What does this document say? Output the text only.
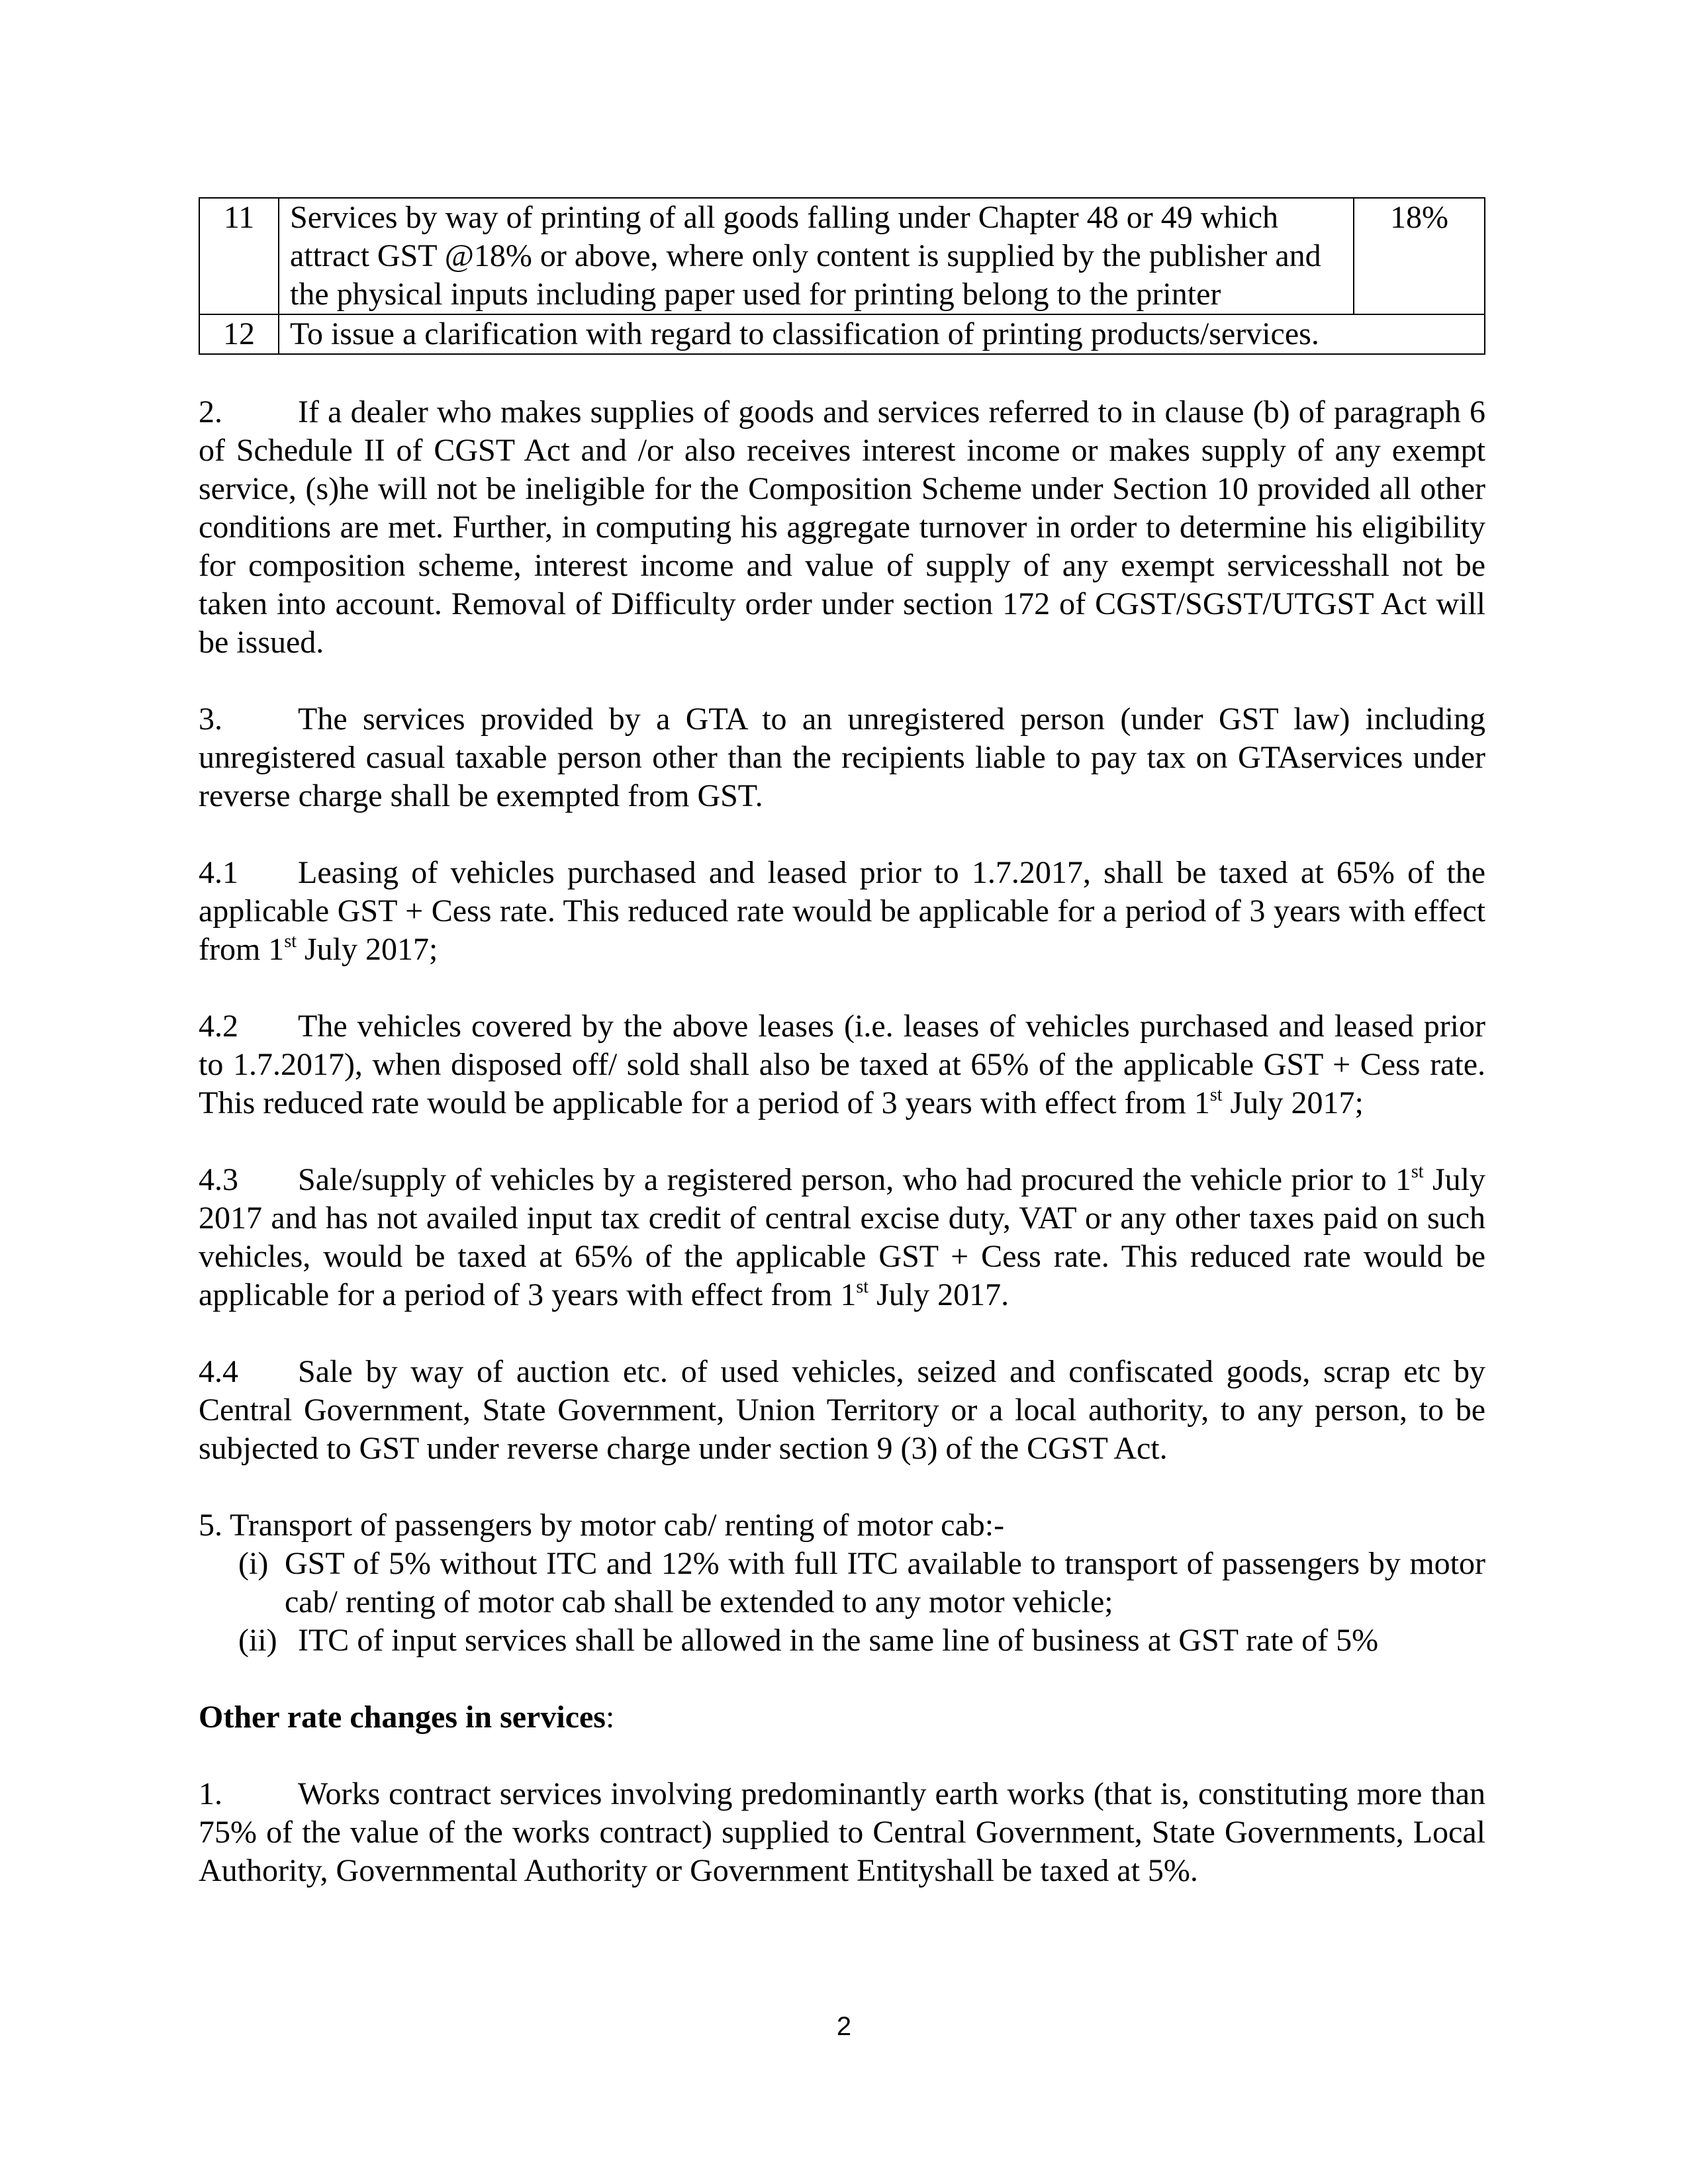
11	Services by way of printing of all goods falling under Chapter 48 or 49 which attract GST @18% or above, where only content is supplied by the publisher and the physical inputs including paper used for printing belong to the printer	18%
12	To issue a clarification with regard to classification of printing products/services.	

2. If a dealer who makes supplies of goods and services referred to in clause (b) of paragraph 6 of Schedule II of CGST Act and /or also receives interest income or makes supply of any exempt service, (s)he will not be ineligible for the Composition Scheme under Section 10 provided all other conditions are met. Further, in computing his aggregate turnover in order to determine his eligibility for composition scheme, interest income and value of supply of any exempt servicesshall not be taken into account. Removal of Difficulty order under section 172 of CGST/SGST/UTGST Act will be issued.

3. The services provided by a GTA to an unregistered person (under GST law) including unregistered casual taxable person other than the recipients liable to pay tax on GTAservices under reverse charge shall be exempted from GST.

4.1 Leasing of vehicles purchased and leased prior to 1.7.2017, shall be taxed at 65% of the applicable GST + Cess rate. This reduced rate would be applicable for a period of 3 years with effect from 1st July 2017;

4.2 The vehicles covered by the above leases (i.e. leases of vehicles purchased and leased prior to 1.7.2017), when disposed off/ sold shall also be taxed at 65% of the applicable GST + Cess rate. This reduced rate would be applicable for a period of 3 years with effect from 1st July 2017;

4.3 Sale/supply of vehicles by a registered person, who had procured the vehicle prior to 1st July 2017 and has not availed input tax credit of central excise duty, VAT or any other taxes paid on such vehicles, would be taxed at 65% of the applicable GST + Cess rate. This reduced rate would be applicable for a period of 3 years with effect from 1st July 2017.

4.4 Sale by way of auction etc. of used vehicles, seized and confiscated goods, scrap etc by Central Government, State Government, Union Territory or a local authority, to any person, to be subjected to GST under reverse charge under section 9 (3) of the CGST Act.

5. Transport of passengers by motor cab/ renting of motor cab:-

(i) GST of 5% without ITC and 12% with full ITC available to transport of passengers by motor cab/ renting of motor cab shall be extended to any motor vehicle;

(ii) ITC of input services shall be allowed in the same line of business at GST rate of 5%

Other rate changes in services:

1. Works contract services involving predominantly earth works (that is, constituting more than 75% of the value of the works contract) supplied to Central Government, State Governments, Local Authority, Governmental Authority or Government Entityshall be taxed at 5%.

2
